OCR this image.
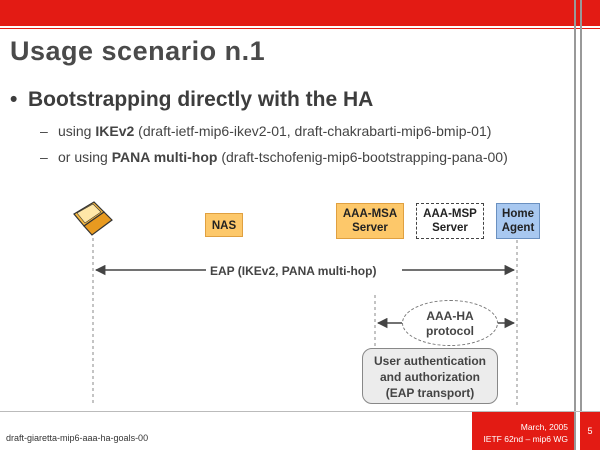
Usage scenario n.1
• Bootstrapping directly with the HA
– using IKEv2 (draft-ietf-mip6-ikev2-01, draft-chakrabarti-mip6-bmip-01)
– or using PANA multi-hop (draft-tschofenig-mip6-bootstrapping-pana-00)
NAS
AAA-MSA
Server
AAA-MSP
Server
Home
Agent
EAP (IKEv2, PANA multi-hop)
AAA-HA
protocol
User authentication
and authorization
(EAP transport)
draft-giaretta-mip6-aaa-ha-goals-00
March, 2005
IETF 62nd – mip6 WG
5
